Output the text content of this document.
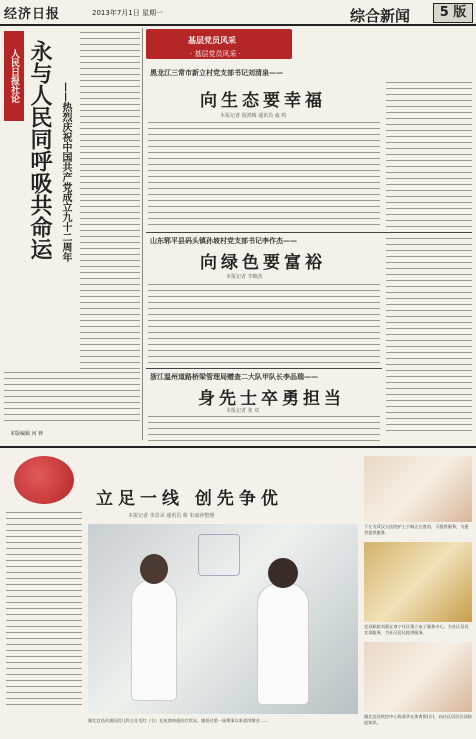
经济日报	2013年7月1日 星期一	综合新闻	5 版
人民日报社论 永与人民同呼吸共命运 ——热烈庆祝中国共产党成立九十二周年
本版编辑 河 钟
基层党员风采
· 基层党员风采 ·
黑龙江三常市新立村党支部书记刘清泉——
向生态要幸福
本报记者 倪鸿梅 通讯员 戚 鸣
山东郓平县码头镇孙坡村党支部书记李作杰——
向绿色要富裕
本报记者 李楠杰
浙江温州道路桥梁管理局赠查二大队甲队长李品瑞——
身先士卒勇担当
本报记者 张 双
立足一线 创先争优
本报记者 李景录 通讯员 蔡 朱丽萍整理
湖北宜昌民康医院儿科主任毛红（右）在检查病患治疗状况。她担任第一届理事以来爱岗敬业……
下左为武汉五医院护士小韩正在查房，可提供服务，为患者提供服务。
宜昌职院刘燕在南宁社区建立电子服务中心，为社区居民宣读服务，为社区居民提供服务。
湖北宜昌疾控中心陈爱华在体育街(右)，向社区居民宣读防疫知识。
